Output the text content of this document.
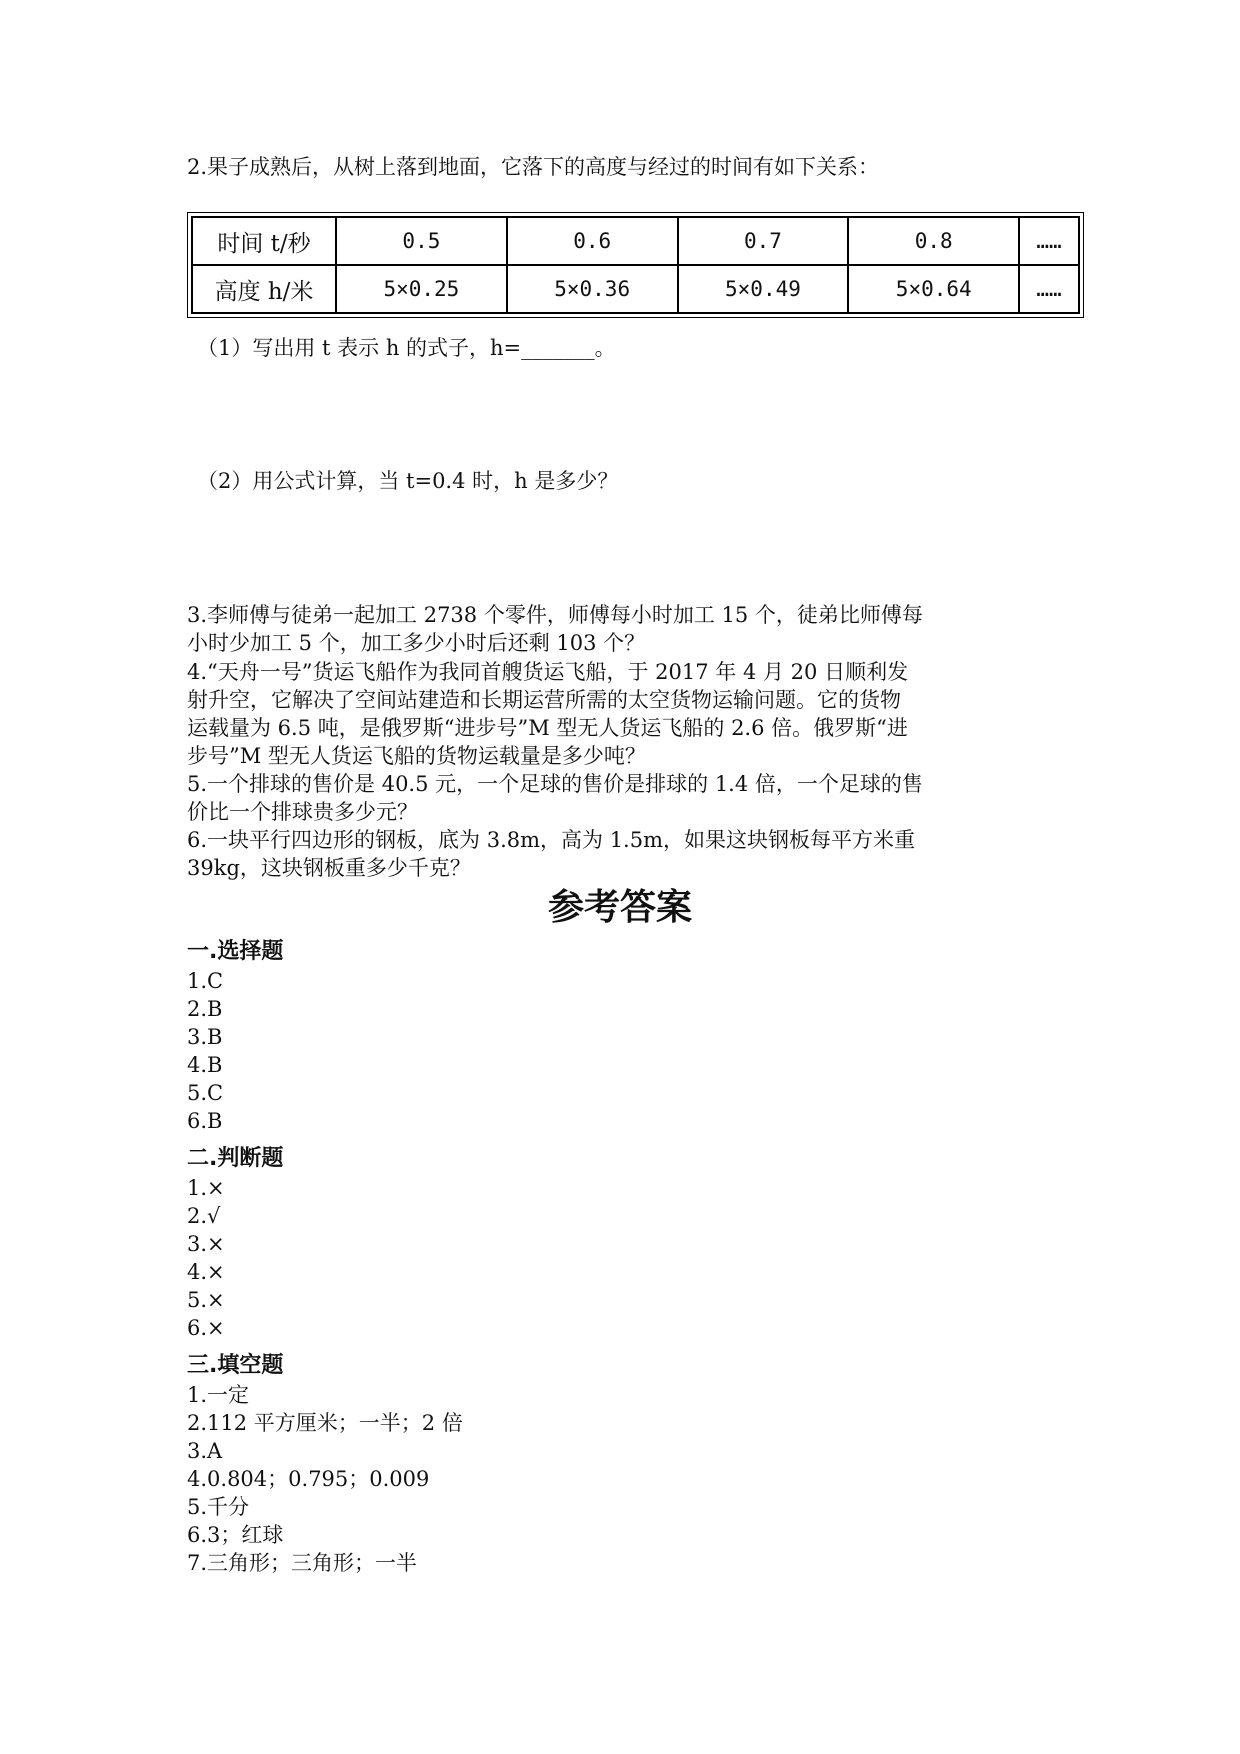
2.果子成熟后，从树上落到地面，它落下的高度与经过的时间有如下关系：
时间 t/秒	0.5	0.6	0.7	0.8	……
高度 h/米	5×0.25	5×0.36	5×0.49	5×0.64	……
（1）写出用 t 表示 h 的式子，h=_______。
（2）用公式计算，当 t=0.4 时，h 是多少？
3.李师傅与徒弟一起加工 2738 个零件，师傅每小时加工 15 个，徒弟比师傅每
小时少加工 5 个，加工多少小时后还剩 103 个？
4.“天舟一号”货运飞船作为我同首艘货运飞船，于 2017 年 4 月 20 日顺利发
射升空，它解决了空间站建造和长期运营所需的太空货物运输问题。它的货物
运载量为 6.5 吨，是俄罗斯“进步号”M 型无人货运飞船的 2.6 倍。俄罗斯“进
步号”M 型无人货运飞船的货物运载量是多少吨？
5.一个排球的售价是 40.5 元，一个足球的售价是排球的 1.4 倍，一个足球的售
价比一个排球贵多少元？
6.一块平行四边形的钢板，底为 3.8m，高为 1.5m，如果这块钢板每平方米重
39kg，这块钢板重多少千克？
参考答案
一.选择题
1.C
2.B
3.B
4.B
5.C
6.B
二.判断题
1.×
2.√
3.×
4.×
5.×
6.×
三.填空题
1.一定
2.112 平方厘米；一半；2 倍
3.A
4.0.804；0.795；0.009
5.千分
6.3；红球
7.三角形；三角形；一半
